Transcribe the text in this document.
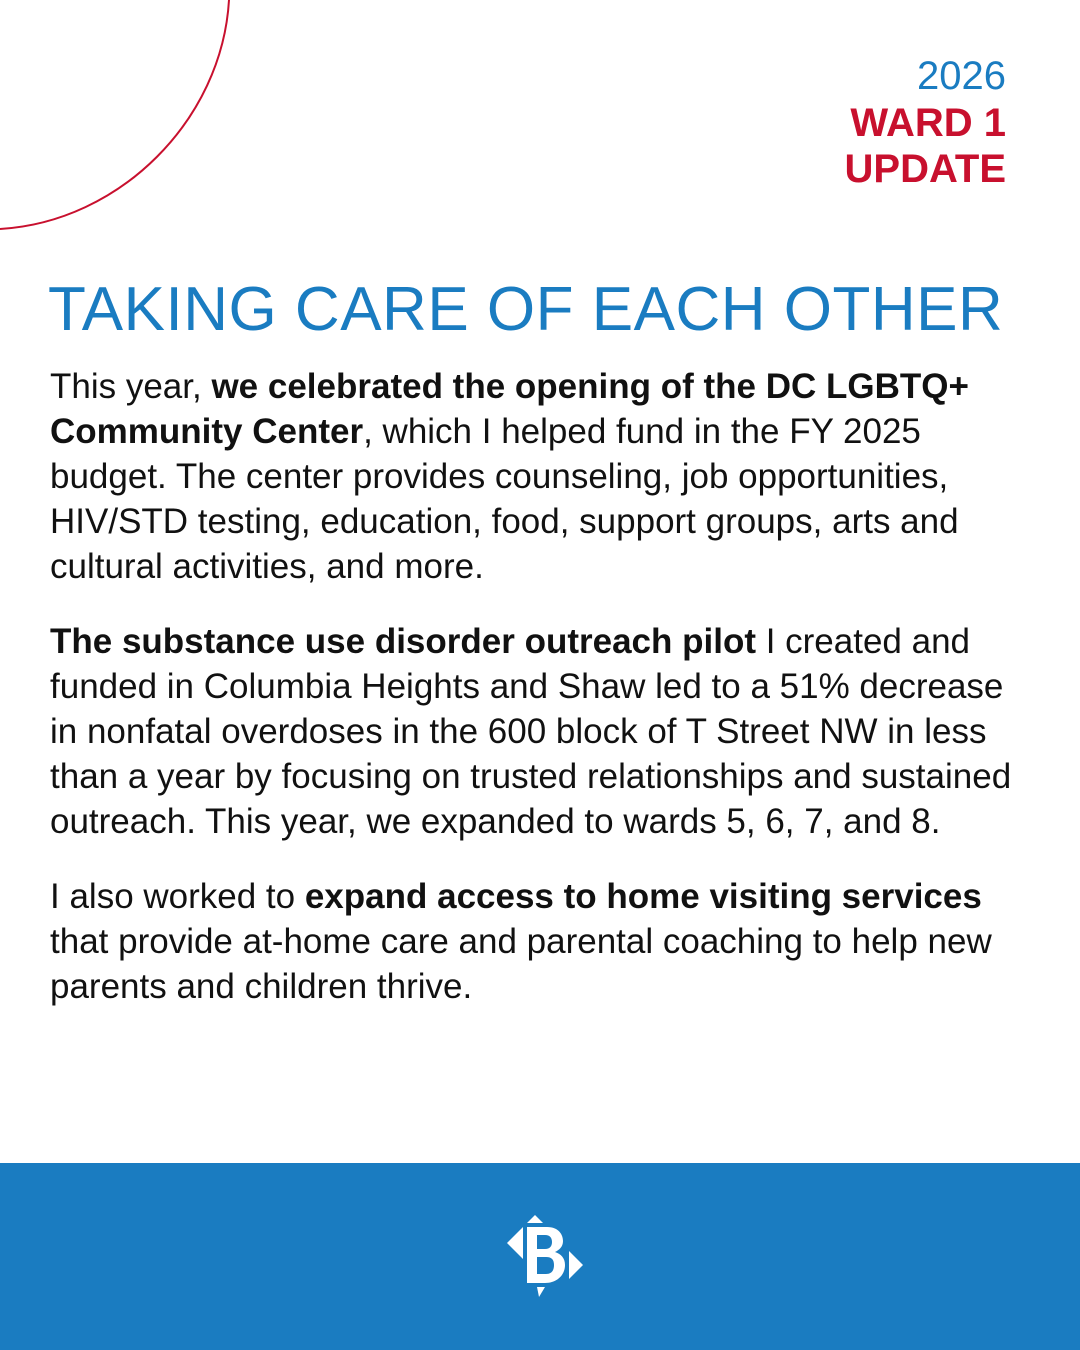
2026
WARD 1
UPDATE
TAKING CARE OF EACH OTHER

This year, we celebrated the opening of the DC LGBTQ+ Community Center, which I helped fund in the FY 2025 budget. The center provides counseling, job opportunities, HIV/STD testing, education, food, support groups, arts and cultural activities, and more.

The substance use disorder outreach pilot I created and funded in Columbia Heights and Shaw led to a 51% decrease in nonfatal overdoses in the 600 block of T Street NW in less than a year by focusing on trusted relationships and sustained outreach. This year, we expanded to wards 5, 6, 7, and 8.

I also worked to expand access to home visiting services that provide at-home care and parental coaching to help new parents and children thrive.
